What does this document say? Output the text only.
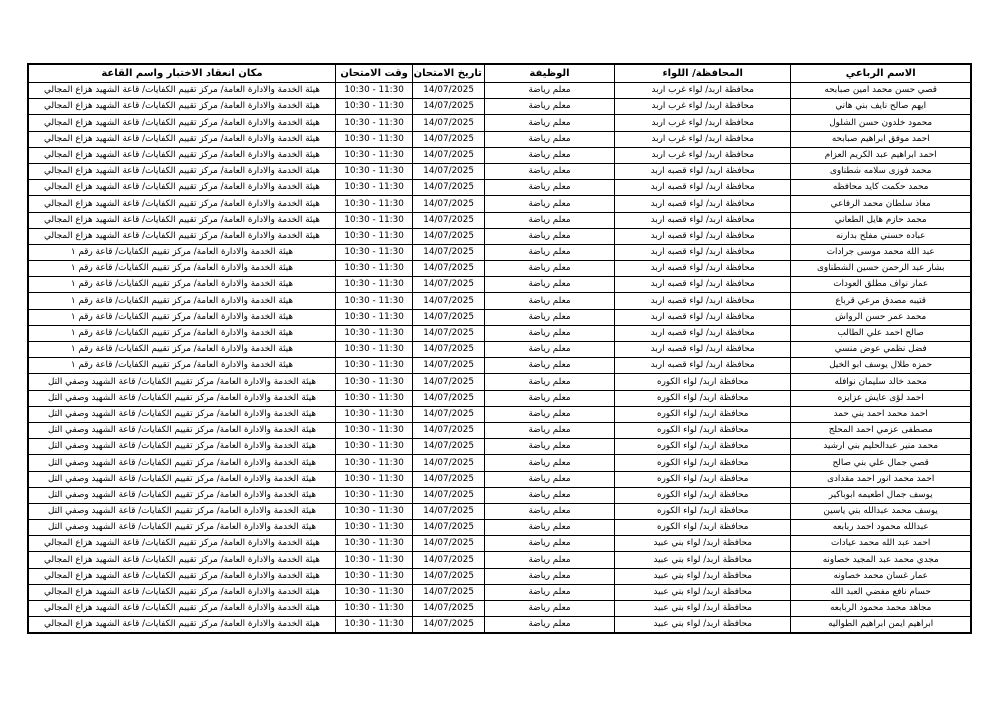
الاسم الرباعي	المحافظة/ اللواء	الوظيفة	تاريخ الامتحان	وقت الامتحان	مكان انعقاد الاختبار واسم القاعة
قصي حسن محمد امين صبابحه	محافظة اربد/ لواء غرب اربد	معلم رياضة	14/07/2025	10:30 - 11:30	هيئة الخدمة والادارة العامة/ مركز تقييم الكفايات/ قاعة الشهيد هزاع المجالي
ايهم صالح نايف بني هاني	محافظة اربد/ لواء غرب اربد	معلم رياضة	14/07/2025	10:30 - 11:30	هيئة الخدمة والادارة العامة/ مركز تقييم الكفايات/ قاعة الشهيد هزاع المجالي
محمود خلدون حسن الشلول	محافظة اربد/ لواء غرب اربد	معلم رياضة	14/07/2025	10:30 - 11:30	هيئة الخدمة والادارة العامة/ مركز تقييم الكفايات/ قاعة الشهيد هزاع المجالي
احمد موفق ابراهيم صبابحه	محافظة اربد/ لواء غرب اربد	معلم رياضة	14/07/2025	10:30 - 11:30	هيئة الخدمة والادارة العامة/ مركز تقييم الكفايات/ قاعة الشهيد هزاع المجالي
احمد ابراهيم عبد الكريم العزام	محافظة اربد/ لواء غرب اربد	معلم رياضة	14/07/2025	10:30 - 11:30	هيئة الخدمة والادارة العامة/ مركز تقييم الكفايات/ قاعة الشهيد هزاع المجالي
محمد فوزى سلامه شطناوى	محافظة اربد/ لواء قصبه اربد	معلم رياضة	14/07/2025	10:30 - 11:30	هيئة الخدمة والادارة العامة/ مركز تقييم الكفايات/ قاعة الشهيد هزاع المجالي
محمد حكمت كايد محافظه	محافظة اربد/ لواء قصبه اربد	معلم رياضة	14/07/2025	10:30 - 11:30	هيئة الخدمة والادارة العامة/ مركز تقييم الكفايات/ قاعة الشهيد هزاع المجالي
معاذ سلطان محمد الرفاعي	محافظة اربد/ لواء قصبه اربد	معلم رياضة	14/07/2025	10:30 - 11:30	هيئة الخدمة والادارة العامة/ مركز تقييم الكفايات/ قاعة الشهيد هزاع المجالي
محمد حازم هايل الطعاني	محافظة اربد/ لواء قصبه اربد	معلم رياضة	14/07/2025	10:30 - 11:30	هيئة الخدمة والادارة العامة/ مركز تقييم الكفايات/ قاعة الشهيد هزاع المجالي
عباده حسني مفلح بدارنه	محافظة اربد/ لواء قصبه اربد	معلم رياضة	14/07/2025	10:30 - 11:30	هيئة الخدمة والادارة العامة/ مركز تقييم الكفايات/ قاعة الشهيد هزاع المجالي
عبد الله محمد موسى جرادات	محافظة اربد/ لواء قصبه اربد	معلم رياضة	14/07/2025	10:30 - 11:30	هيئة الخدمة والادارة العامة/ مركز تقييم الكفايات/ قاعة رقم ١
بشار عبد الرحمن حسين الشطناوى	محافظة اربد/ لواء قصبه اربد	معلم رياضة	14/07/2025	10:30 - 11:30	هيئة الخدمة والادارة العامة/ مركز تقييم الكفايات/ قاعة رقم ١
عمار نواف مطلق العودات	محافظة اربد/ لواء قصبه اربد	معلم رياضة	14/07/2025	10:30 - 11:30	هيئة الخدمة والادارة العامة/ مركز تقييم الكفايات/ قاعة رقم ١
قتيبه مصدق مرعي قرباع	محافظة اربد/ لواء قصبه اربد	معلم رياضة	14/07/2025	10:30 - 11:30	هيئة الخدمة والادارة العامة/ مركز تقييم الكفايات/ قاعة رقم ١
محمد عمر حسن الرواش	محافظة اربد/ لواء قصبه اربد	معلم رياضة	14/07/2025	10:30 - 11:30	هيئة الخدمة والادارة العامة/ مركز تقييم الكفايات/ قاعة رقم ١
صالح احمد علي الطالب	محافظة اربد/ لواء قصبه اربد	معلم رياضة	14/07/2025	10:30 - 11:30	هيئة الخدمة والادارة العامة/ مركز تقييم الكفايات/ قاعة رقم ١
فضل نظمي عوض منسي	محافظة اربد/ لواء قصبه اربد	معلم رياضة	14/07/2025	10:30 - 11:30	هيئة الخدمة والادارة العامة/ مركز تقييم الكفايات/ قاعة رقم ١
حمزه طلال يوسف ابو الخيل	محافظة اربد/ لواء قصبه اربد	معلم رياضة	14/07/2025	10:30 - 11:30	هيئة الخدمة والادارة العامة/ مركز تقييم الكفايات/ قاعة رقم ١
محمد خالد سليمان نوافله	محافظة اربد/ لواء الكوره	معلم رياضة	14/07/2025	10:30 - 11:30	هيئة الخدمة والادارة العامة/ مركز تقييم الكفايات/ قاعة الشهيد وصفي التل
احمد لؤى عايش عزايزه	محافظة اربد/ لواء الكوره	معلم رياضة	14/07/2025	10:30 - 11:30	هيئة الخدمة والادارة العامة/ مركز تقييم الكفايات/ قاعة الشهيد وصفي التل
احمد محمد احمد بني حمد	محافظة اربد/ لواء الكوره	معلم رياضة	14/07/2025	10:30 - 11:30	هيئة الخدمة والادارة العامة/ مركز تقييم الكفايات/ قاعة الشهيد وصفي التل
مصطفى عزمي احمد المحلج	محافظة اربد/ لواء الكوره	معلم رياضة	14/07/2025	10:30 - 11:30	هيئة الخدمة والادارة العامة/ مركز تقييم الكفايات/ قاعة الشهيد وصفي التل
محمد منير عبدالحليم بني ارشيد	محافظة اربد/ لواء الكوره	معلم رياضة	14/07/2025	10:30 - 11:30	هيئة الخدمة والادارة العامة/ مركز تقييم الكفايات/ قاعة الشهيد وصفي التل
قصي جمال علي بني صالح	محافظة اربد/ لواء الكوره	معلم رياضة	14/07/2025	10:30 - 11:30	هيئة الخدمة والادارة العامة/ مركز تقييم الكفايات/ قاعة الشهيد وصفي التل
احمد محمد انور احمد مقدادى	محافظة اربد/ لواء الكوره	معلم رياضة	14/07/2025	10:30 - 11:30	هيئة الخدمة والادارة العامة/ مركز تقييم الكفايات/ قاعة الشهيد وصفي التل
يوسف جمال اطعيمه ابوباكير	محافظة اربد/ لواء الكوره	معلم رياضة	14/07/2025	10:30 - 11:30	هيئة الخدمة والادارة العامة/ مركز تقييم الكفايات/ قاعة الشهيد وصفي التل
يوسف محمد عبدالله بني ياسين	محافظة اربد/ لواء الكوره	معلم رياضة	14/07/2025	10:30 - 11:30	هيئة الخدمة والادارة العامة/ مركز تقييم الكفايات/ قاعة الشهيد وصفي التل
عبدالله محمود احمد ربابعه	محافظة اربد/ لواء الكوره	معلم رياضة	14/07/2025	10:30 - 11:30	هيئة الخدمة والادارة العامة/ مركز تقييم الكفايات/ قاعة الشهيد وصفي التل
احمد عبد الله محمد عيادات	محافظة اربد/ لواء بني عبيد	معلم رياضة	14/07/2025	10:30 - 11:30	هيئة الخدمة والادارة العامة/ مركز تقييم الكفايات/ قاعة الشهيد هزاع المجالي
مجدي محمد عبد المجيد خصاونه	محافظة اربد/ لواء بني عبيد	معلم رياضة	14/07/2025	10:30 - 11:30	هيئة الخدمة والادارة العامة/ مركز تقييم الكفايات/ قاعة الشهيد هزاع المجالي
عمار غسان محمد خصاونه	محافظة اربد/ لواء بني عبيد	معلم رياضة	14/07/2025	10:30 - 11:30	هيئة الخدمة والادارة العامة/ مركز تقييم الكفايات/ قاعة الشهيد هزاع المجالي
حسام نافع مفضي العبد الله	محافظة اربد/ لواء بني عبيد	معلم رياضة	14/07/2025	10:30 - 11:30	هيئة الخدمة والادارة العامة/ مركز تقييم الكفايات/ قاعة الشهيد هزاع المجالي
مجاهد محمد محمود الربابعه	محافظة اربد/ لواء بني عبيد	معلم رياضة	14/07/2025	10:30 - 11:30	هيئة الخدمة والادارة العامة/ مركز تقييم الكفايات/ قاعة الشهيد هزاع المجالي
ابراهيم ايمن ابراهيم الطواليه	محافظة اربد/ لواء بني عبيد	معلم رياضة	14/07/2025	10:30 - 11:30	هيئة الخدمة والادارة العامة/ مركز تقييم الكفايات/ قاعة الشهيد هزاع المجالي
